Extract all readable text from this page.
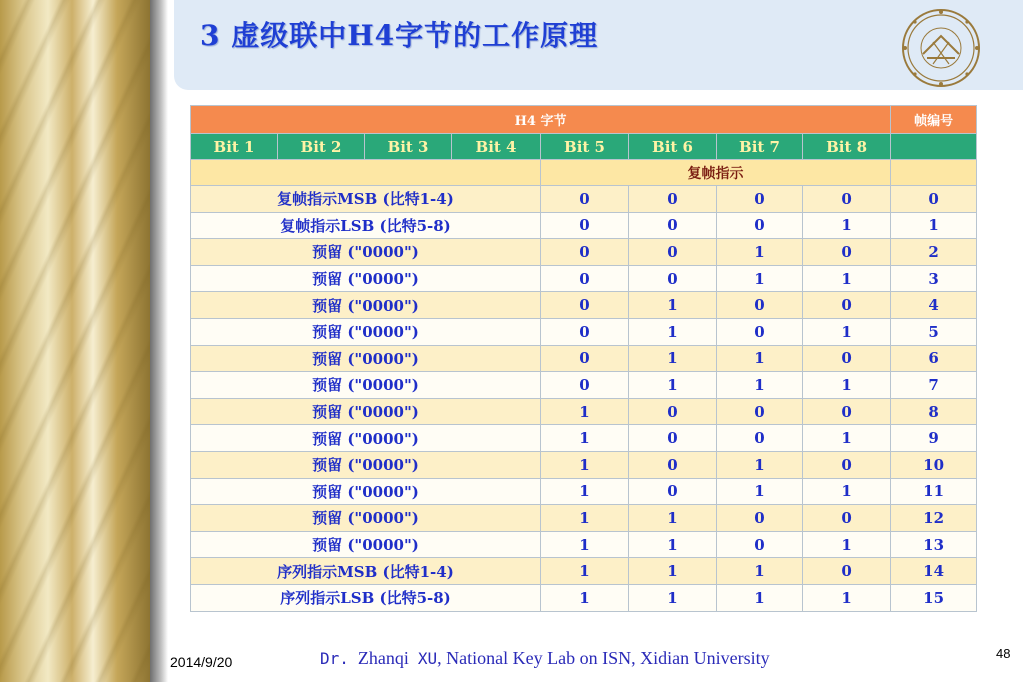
3 虚级联中H4字节的工作原理
H4 字节								帧编号
Bit 1	Bit 2	Bit 3	Bit 4	Bit 5	Bit 6	Bit 7	Bit 8	
				复帧指示				
复帧指示MSB (比特1-4)				0	0	0	0	0
复帧指示LSB (比特5-8)				0	0	0	1	1
预留 ("0000")				0	0	1	0	2
预留 ("0000")				0	0	1	1	3
预留 ("0000")				0	1	0	0	4
预留 ("0000")				0	1	0	1	5
预留 ("0000")				0	1	1	0	6
预留 ("0000")				0	1	1	1	7
预留 ("0000")				1	0	0	0	8
预留 ("0000")				1	0	0	1	9
预留 ("0000")				1	0	1	0	10
预留 ("0000")				1	0	1	1	11
预留 ("0000")				1	1	0	0	12
预留 ("0000")				1	1	0	1	13
序列指示MSB (比特1-4)				1	1	1	0	14
序列指示LSB (比特5-8)				1	1	1	1	15
2014/9/20	Dr. Zhanqi XU, National Key Lab on ISN, Xidian University	48
